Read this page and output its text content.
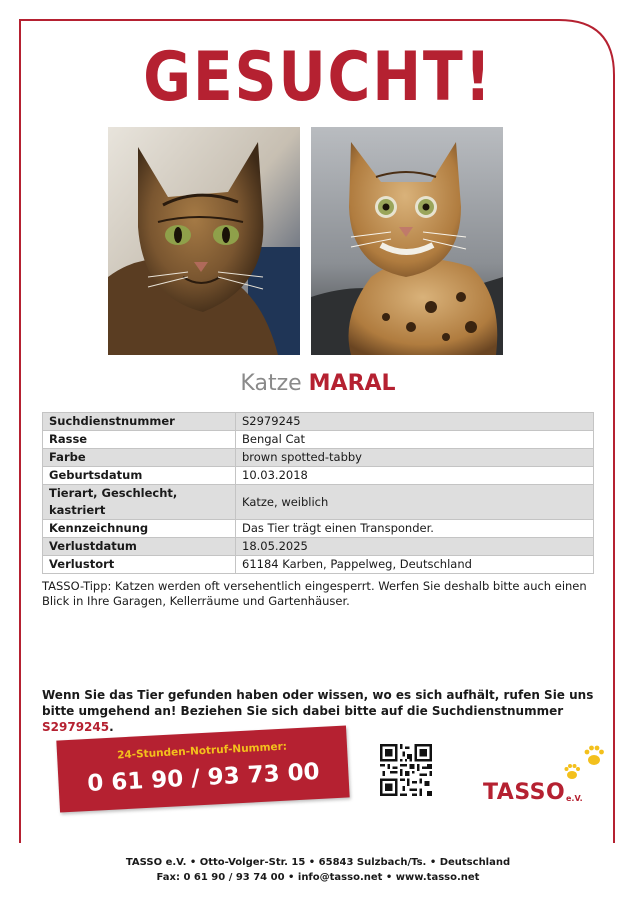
GESUCHT!
Katze MARAL
Suchdienstnummer	S2979245
Rasse	Bengal Cat
Farbe	brown spotted-tabby
Geburtsdatum	10.03.2018
Tierart, Geschlecht, kastriert	Katze, weiblich
Kennzeichnung	Das Tier trägt einen Transponder.
Verlustdatum	18.05.2025
Verlustort	61184 Karben, Pappelweg, Deutschland
TASSO-Tipp: Katzen werden oft versehentlich eingesperrt. Werfen Sie deshalb bitte auch einen Blick in Ihre Garagen, Kellerräume und Gartenhäuser.
Wenn Sie das Tier gefunden haben oder wissen, wo es sich aufhält, rufen Sie uns bitte umgehend an! Beziehen Sie sich dabei bitte auf die Suchdienstnummer S2979245.
24-Stunden-Notruf-Nummer:
0 61 90 / 93 73 00	TASSO e.V.
TASSO e.V. • Otto-Volger-Str. 15 • 65843 Sulzbach/Ts. • Deutschland
Fax: 0 61 90 / 93 74 00 • info@tasso.net • www.tasso.net
